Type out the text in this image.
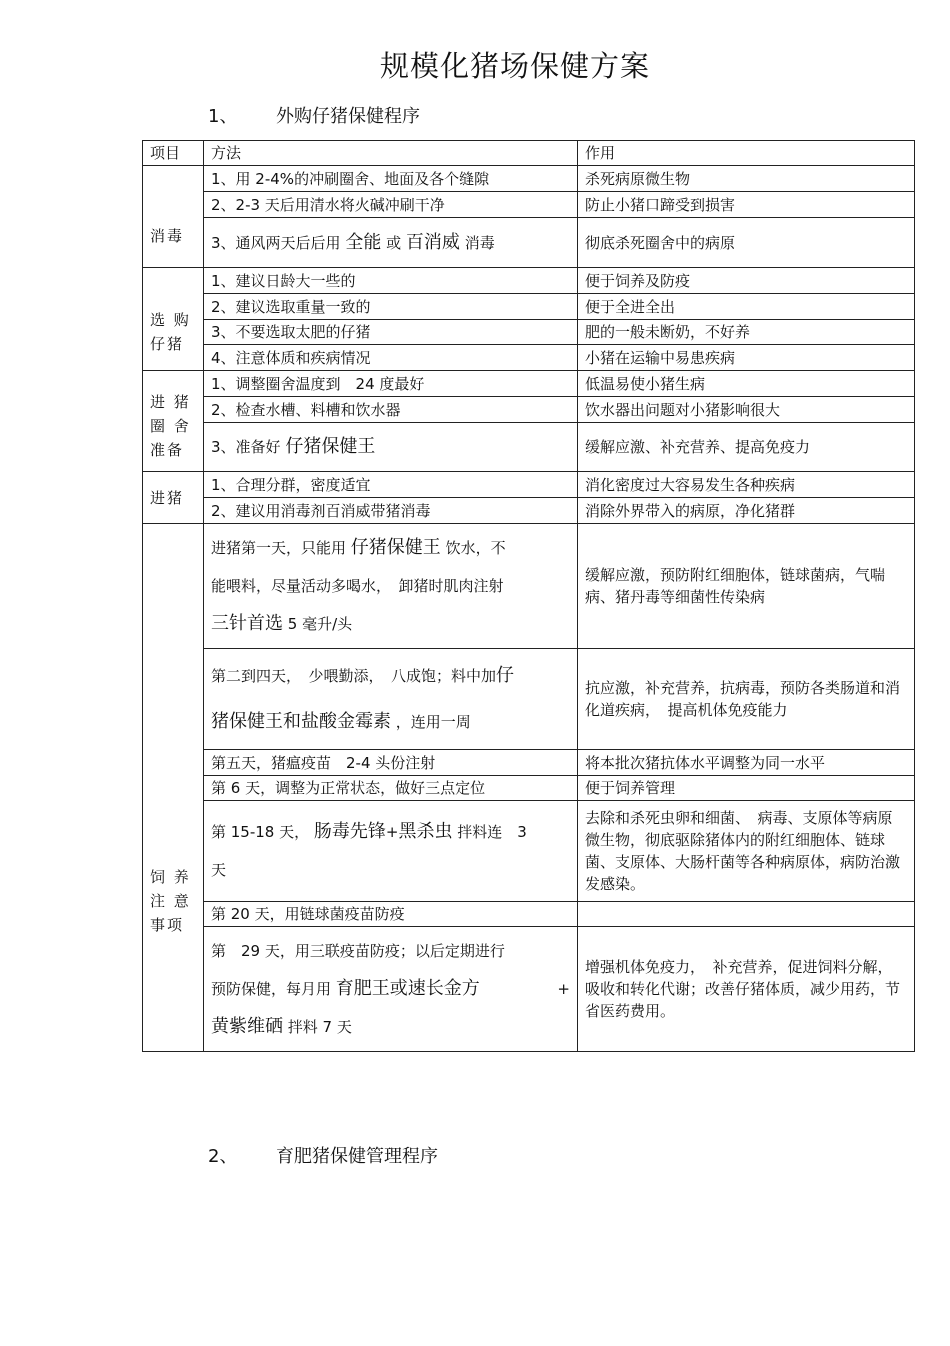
规模化猪场保健方案
1、 外购仔猪保健程序
项目	方法	作用
消毒	1、用 2-4%的冲刷圈舍、地面及各个缝隙	杀死病原微生物
	2、2-3 天后用清水将火碱冲刷干净	防止小猪口蹄受到损害
	3、通风两天后后用 全能 或 百消威 消毒	彻底杀死圈舍中的病原
选 购 仔猪	1、建议日龄大一些的	便于饲养及防疫
	2、建议选取重量一致的	便于全进全出
	3、不要选取太肥的仔猪	肥的一般未断奶，不好养
	4、注意体质和疾病情况	小猪在运输中易患疾病
进 猪 圈 舍 准备	1、调整圈舍温度到　24 度最好	低温易使小猪生病
	2、检查水槽、料槽和饮水器	饮水器出问题对小猪影响很大
	3、准备好 仔猪保健王	缓解应激、补充营养、提高免疫力
进猪	1、合理分群，密度适宜	消化密度过大容易发生各种疾病
	2、建议用消毒剂百消威带猪消毒	消除外界带入的病原，净化猪群
饲 养 注 意 事项	进猪第一天，只能用 仔猪保健王 饮水，不
能喂料，尽量活动多喝水，　卸猪时肌肉注射
三针首选 5 毫升/头	缓解应激，预防附红细胞体，链球菌病，气喘病、猪丹毒等细菌性传染病

	第二到四天，　少喂勤添，　八成饱；料中加仔
猪保健王和盐酸金霉素 ，连用一周	抗应激，补充营养，抗病毒，预防各类肠道和消化道疾病，　提高机体免疫能力
	第五天，猪瘟疫苗　2-4 头份注射	将本批次猪抗体水平调整为同一水平
	第 6 天，调整为正常状态，做好三点定位	便于饲养管理

	第 15-18 天， 肠毒先锋+黑杀虫 拌料连　3
天	去除和杀死虫卵和细菌、　病毒、支原体等病原微生物，彻底驱除猪体内的附红细胞体、链球菌、支原体、大肠杆菌等各种病原体，病防治激发感染。
	第 20 天，用链球菌疫苗防疫	

	第　29 天，用三联疫苗防疫；以后定期进行
预防保健，每月用 育肥王或速长金方 +
黄紫维硒 拌料 7 天	增强机体免疫力，　补充营养，促进饲料分解，吸收和转化代谢；改善仔猪体质，减少用药，节省医药费用。
2、 育肥猪保健管理程序
